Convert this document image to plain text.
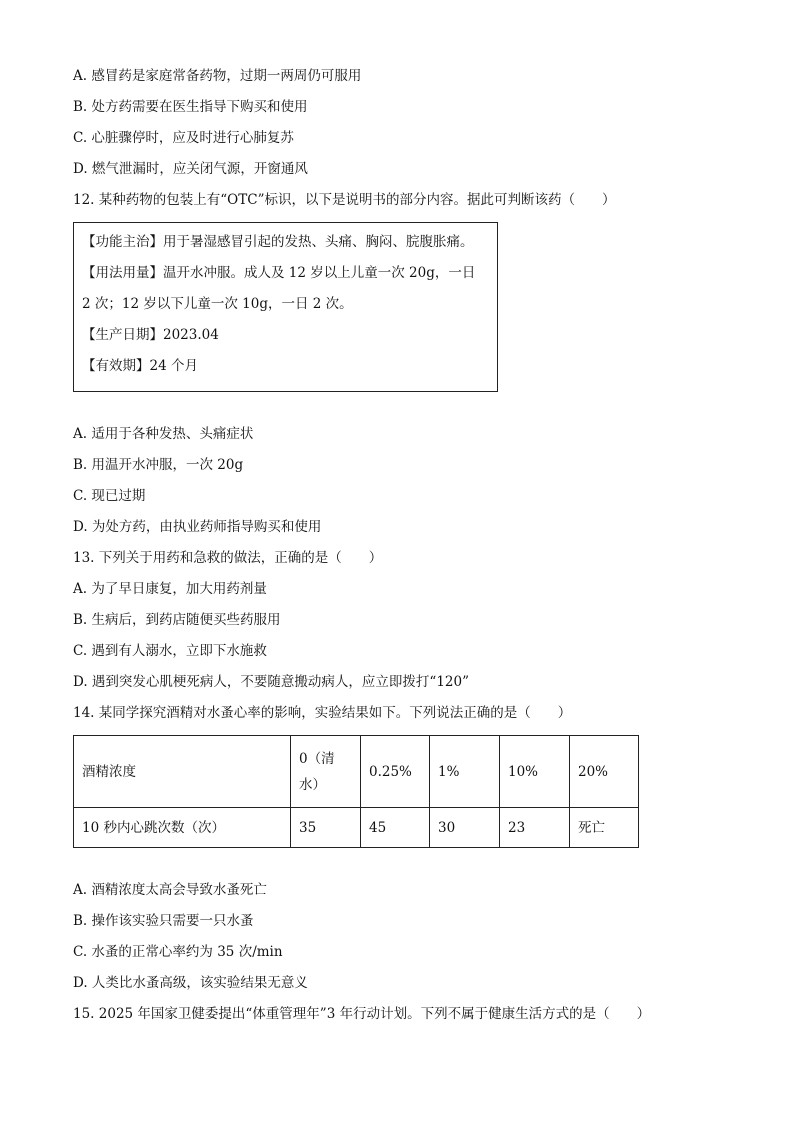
A. 感冒药是家庭常备药物，过期一两周仍可服用
B. 处方药需要在医生指导下购买和使用
C. 心脏骤停时，应及时进行心肺复苏
D. 燃气泄漏时，应关闭气源，开窗通风
12. 某种药物的包装上有“OTC”标识，以下是说明书的部分内容。据此可判断该药（　　）
【功能主治】用于暑湿感冒引起的发热、头痛、胸闷、脘腹胀痛。
【用法用量】温开水冲服。成人及 12 岁以上儿童一次 20g，一日
2 次；12 岁以下儿童一次 10g，一日 2 次。
【生产日期】2023.04
【有效期】24 个月
A. 适用于各种发热、头痛症状
B. 用温开水冲服，一次 20g
C. 现已过期
D. 为处方药，由执业药师指导购买和使用
13. 下列关于用药和急救的做法，正确的是（　　）
A. 为了早日康复，加大用药剂量
B. 生病后，到药店随便买些药服用
C. 遇到有人溺水，立即下水施救
D. 遇到突发心肌梗死病人，不要随意搬动病人，应立即拨打“120”
14. 某同学探究酒精对水蚤心率的影响，实验结果如下。下列说法正确的是（　　）
酒精浓度	0（清水）	0.25%	1%	10%	20%
10 秒内心跳次数（次）	35	45	30	23	死亡
A. 酒精浓度太高会导致水蚤死亡
B. 操作该实验只需要一只水蚤
C. 水蚤的正常心率约为 35 次/min
D. 人类比水蚤高级，该实验结果无意义
15. 2025 年国家卫健委提出“体重管理年”3 年行动计划。下列不属于健康生活方式的是（　　）
